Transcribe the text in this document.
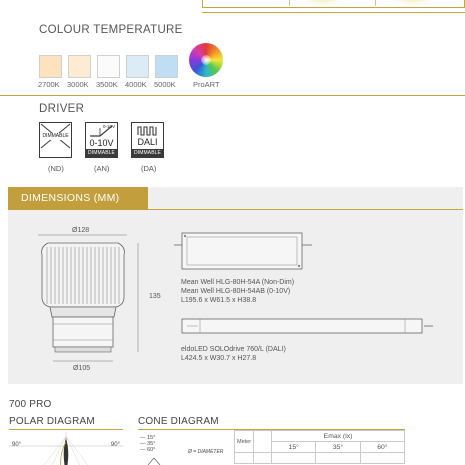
COLOUR TEMPERATURE
2700K 3000K 3500K 4000K 5000K ProART
DRIVER
DIMMABLE
0-10V
0-10V
DIMMABLE
DALI
DIMMABLE
(ND)	(AN)	(DA)
DIMENSIONS (MM)
Ø128
135
Ø105
Mean Well HLG-80H-54A (Non-Dim)
Mean Well HLG-80H-54AB (0-10V)
L195.6 x W61.5 x H38.8
eldoLED SOLOdrive 760/L (DALI)
L424.5 x W30.7 x H27.8
700 PRO
POLAR DIAGRAM	CONE DIAGRAM
90°	90°
— 15°
— 35°
— 60°	Ø = DIAMETER
Meter		Emax (lx)		
		15°	35°	60°
